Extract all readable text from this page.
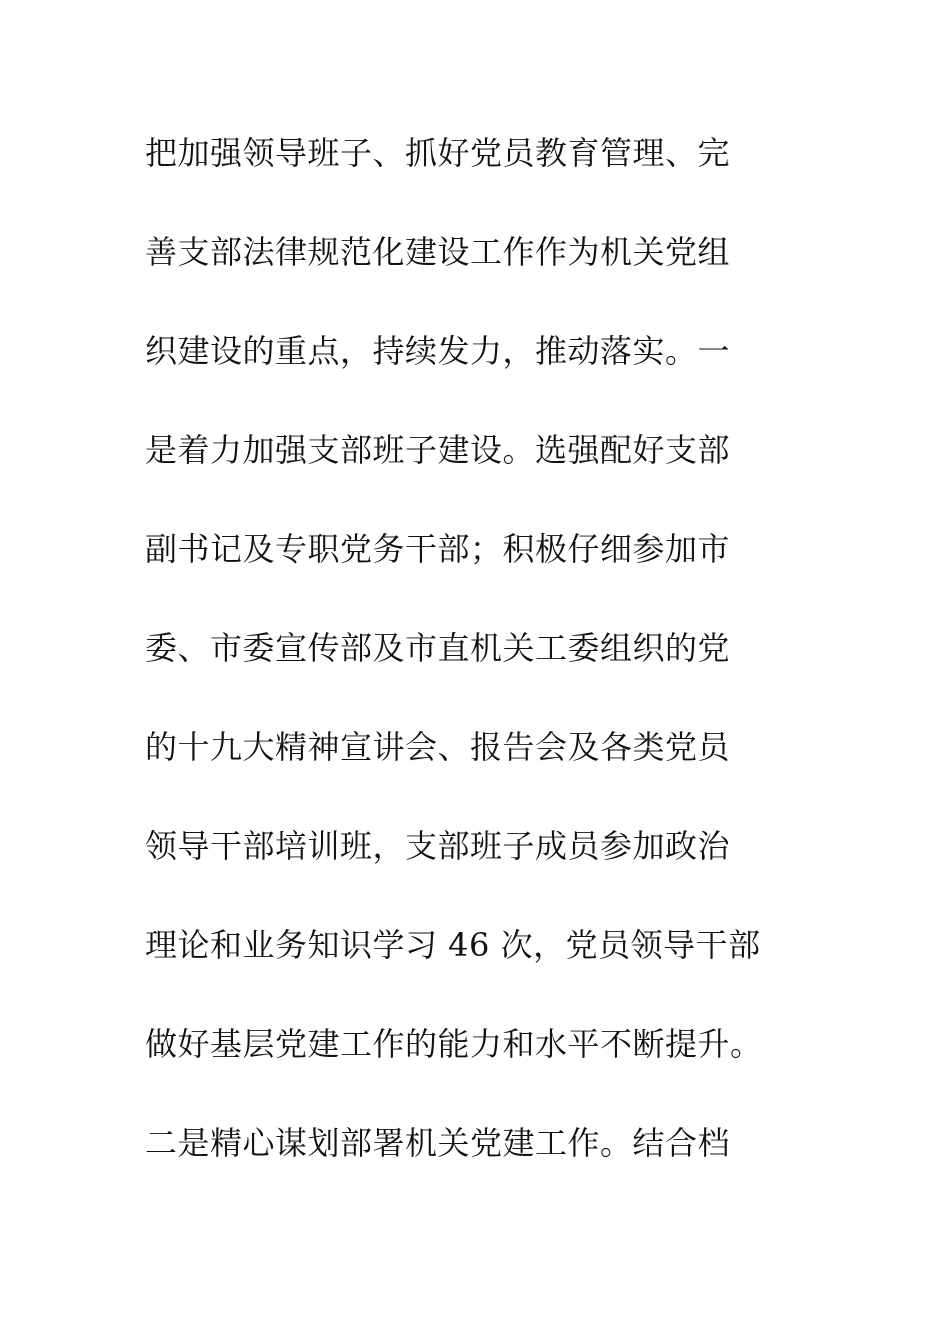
把加强领导班子、抓好党员教育管理、完
善支部法律规范化建设工作作为机关党组
织建设的重点，持续发力，推动落实。一
是着力加强支部班子建设。选强配好支部
副书记及专职党务干部；积极仔细参加市
委、市委宣传部及市直机关工委组织的党
的十九大精神宣讲会、报告会及各类党员
领导干部培训班，支部班子成员参加政治
理论和业务知识学习 46 次，党员领导干部
做好基层党建工作的能力和水平不断提升。
二是精心谋划部署机关党建工作。结合档
